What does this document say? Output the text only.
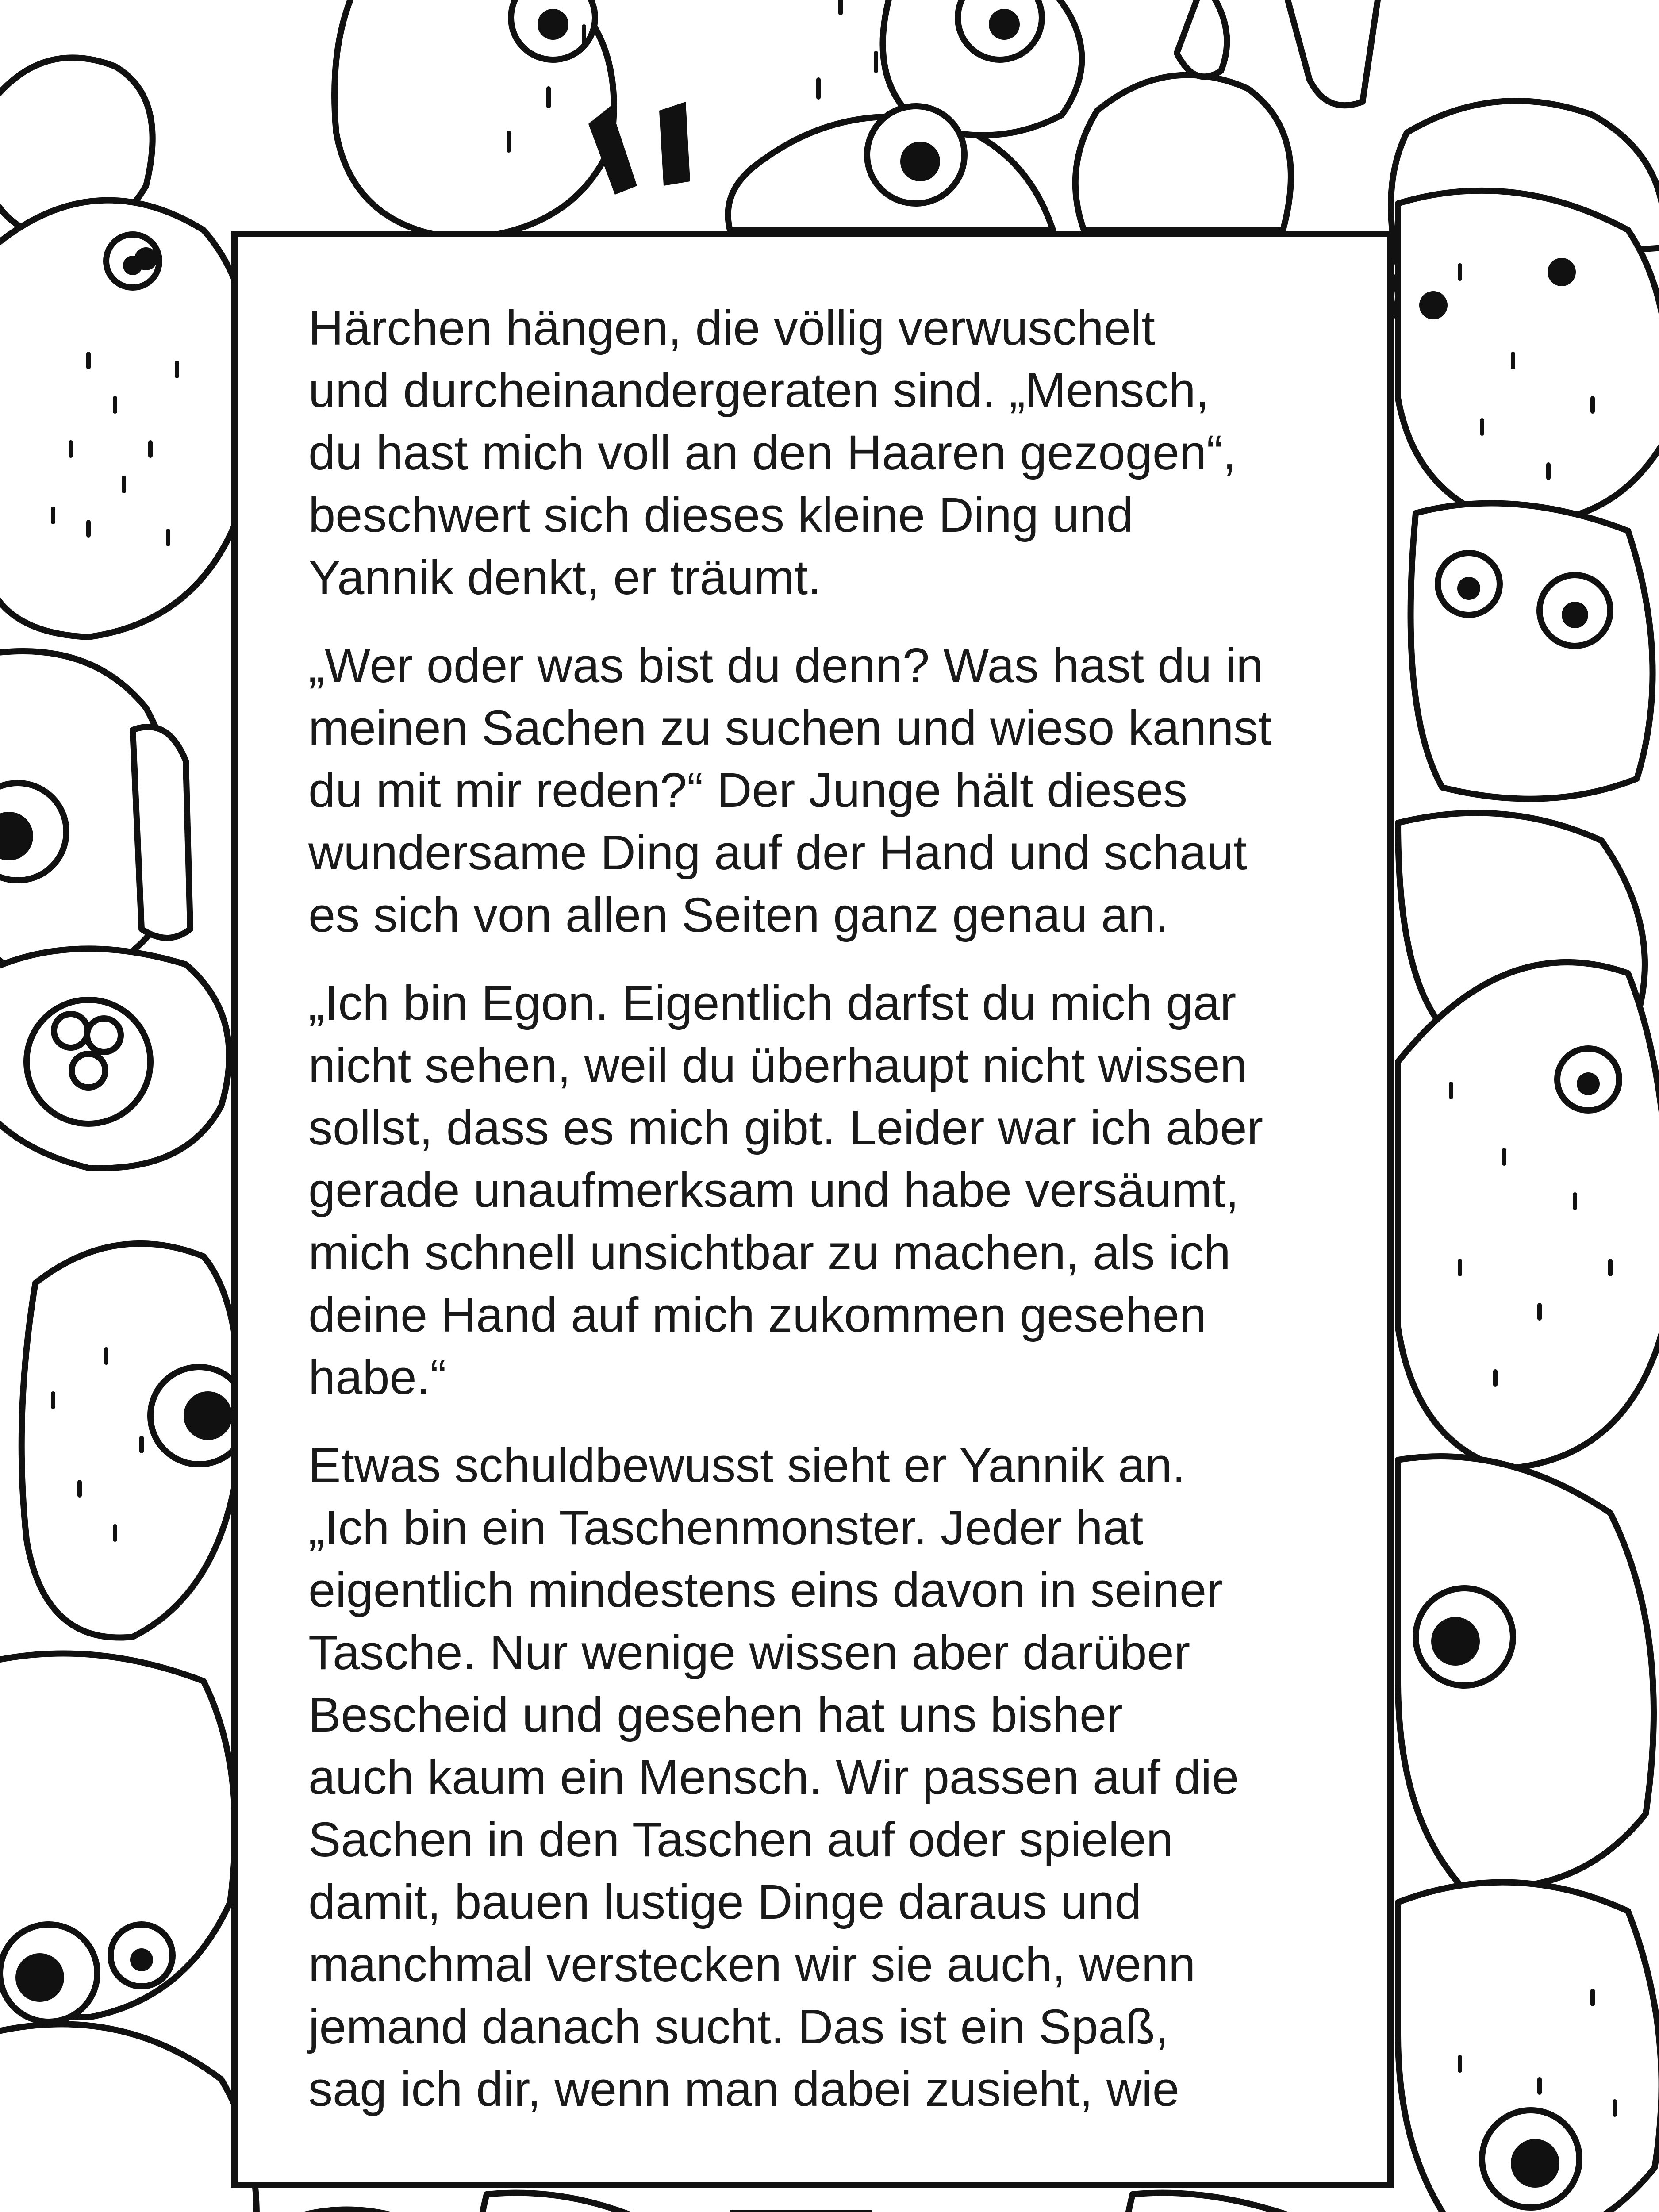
Härchen hängen, die völlig verwuschelt
und durcheinandergeraten sind. „Mensch,
du hast mich voll an den Haaren gezogen“,
beschwert sich dieses kleine Ding und
Yannik denkt, er träumt.

„Wer oder was bist du denn? Was hast du in
meinen Sachen zu suchen und wieso kannst
du mit mir reden?“ Der Junge hält dieses
wundersame Ding auf der Hand und schaut
es sich von allen Seiten ganz genau an.

„Ich bin Egon. Eigentlich darfst du mich gar
nicht sehen, weil du überhaupt nicht wissen
sollst, dass es mich gibt. Leider war ich aber
gerade unaufmerksam und habe versäumt,
mich schnell unsichtbar zu machen, als ich
deine Hand auf mich zukommen gesehen
habe.“

Etwas schuldbewusst sieht er Yannik an.
„Ich bin ein Taschenmonster. Jeder hat
eigentlich mindestens eins davon in seiner
Tasche. Nur wenige wissen aber darüber
Bescheid und gesehen hat uns bisher
auch kaum ein Mensch. Wir passen auf die
Sachen in den Taschen auf oder spielen
damit, bauen lustige Dinge daraus und
manchmal verstecken wir sie auch, wenn
jemand danach sucht. Das ist ein Spaß,
sag ich dir, wenn man dabei zusieht, wie
